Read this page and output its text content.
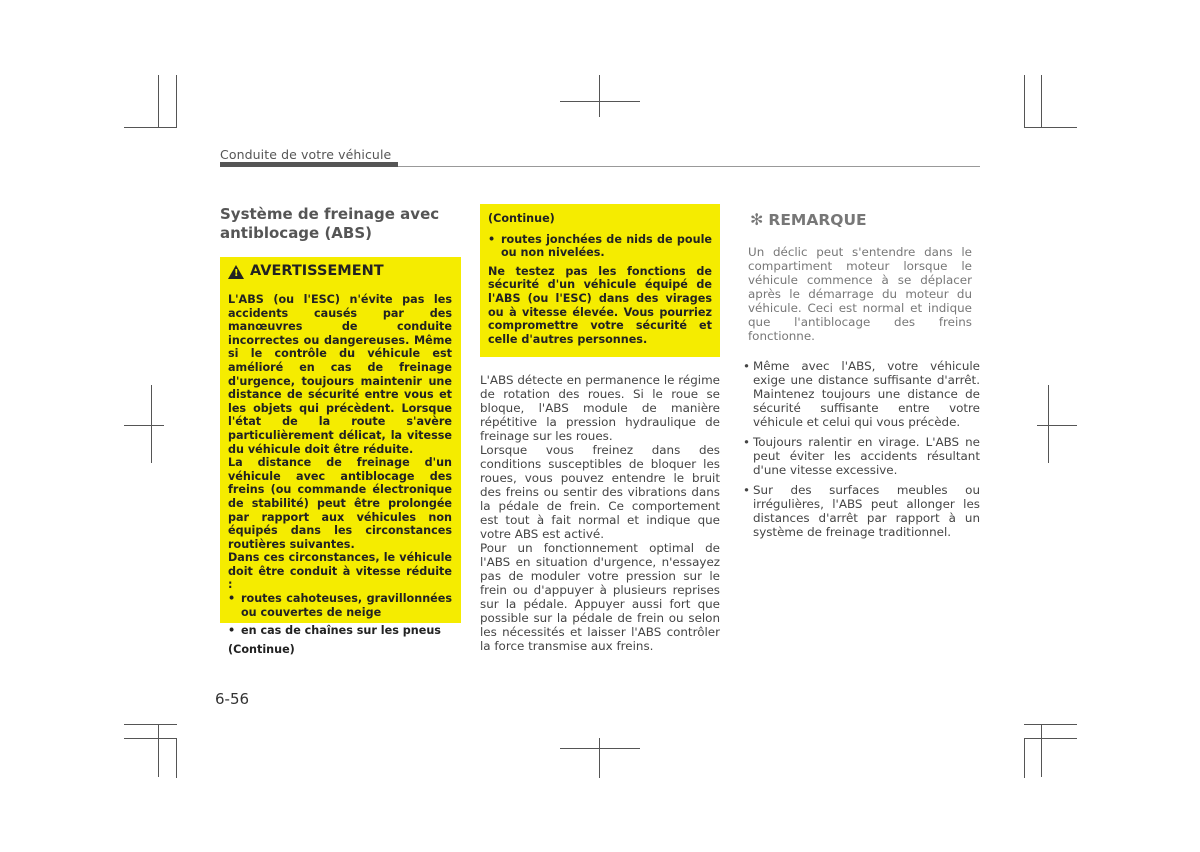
Conduite de votre véhicule
Système de freinage avec antiblocage (ABS)
! AVERTISSEMENT

L'ABS (ou l'ESC) n'évite pas les accidents causés par des manœuvres de conduite incorrectes ou dangereuses. Même si le contrôle du véhicule est amélioré en cas de freinage d'urgence, toujours maintenir une distance de sécurité entre vous et les objets qui précèdent. Lorsque l'état de la route s'avère particulièrement délicat, la vitesse du véhicule doit être réduite.

La distance de freinage d'un véhicule avec antiblocage des freins (ou commande électronique de stabilité) peut être prolongée par rapport aux véhicules non équipés dans les circonstances routières suivantes.

Dans ces circonstances, le véhicule doit être conduit à vitesse réduite :

• routes cahoteuses, gravillonnées ou couvertes de neige
• en cas de chaînes sur les pneus

(Continue)

(Continue)

• routes jonchées de nids de poule ou non nivelées.

Ne testez pas les fonctions de sécurité d'un véhicule équipé de l'ABS (ou l'ESC) dans des virages ou à vitesse élevée. Vous pourriez compromettre votre sécurité et celle d'autres personnes.

L'ABS détecte en permanence le régime de rotation des roues. Si le roue se bloque, l'ABS module de manière répétitive la pression hydraulique de freinage sur les roues.

Lorsque vous freinez dans des conditions susceptibles de bloquer les roues, vous pouvez entendre le bruit des freins ou sentir des vibrations dans la pédale de frein. Ce comportement est tout à fait normal et indique que votre ABS est activé.

Pour un fonctionnement optimal de l'ABS en situation d'urgence, n'essayez pas de moduler votre pression sur le frein ou d'appuyer à plusieurs reprises sur la pédale. Appuyer aussi fort que possible sur la pédale de frein ou selon les nécessités et laisser l'ABS contrôler la force transmise aux freins.

✻ REMARQUE

Un déclic peut s'entendre dans le compartiment moteur lorsque le véhicule commence à se déplacer après le démarrage du moteur du véhicule. Ceci est normal et indique que l'antiblocage des freins fonctionne.

• Même avec l'ABS, votre véhicule exige une distance suffisante d'arrêt. Maintenez toujours une distance de sécurité suffisante entre votre véhicule et celui qui vous précède.
• Toujours ralentir en virage. L'ABS ne peut éviter les accidents résultant d'une vitesse excessive.
• Sur des surfaces meubles ou irrégulières, l'ABS peut allonger les distances d'arrêt par rapport à un système de freinage traditionnel.
6-56
